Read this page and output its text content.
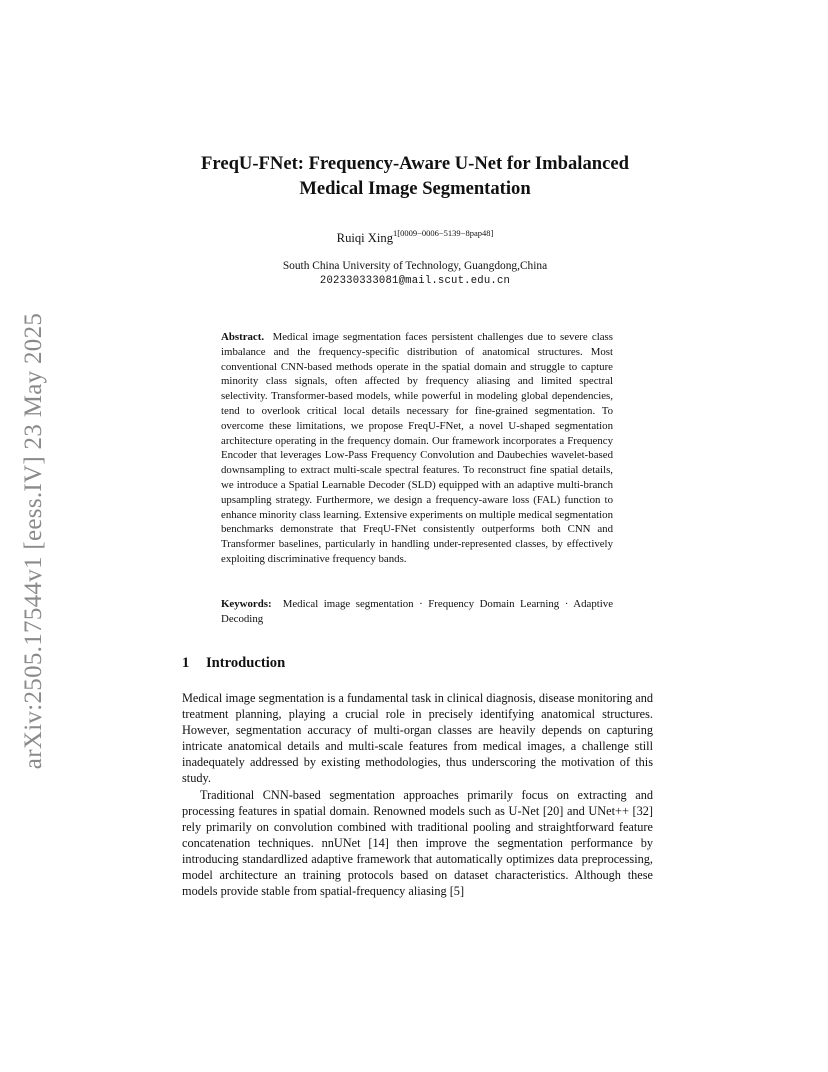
arXiv:2505.17544v1 [eess.IV] 23 May 2025
FreqU-FNet: Frequency-Aware U-Net for Imbalanced
Medical Image Segmentation
Ruiqi Xing$^{1[0009-0006-5139-8pap48]}$
South China University of Technology, Guangdong,China
202330333081@mail.scut.edu.cn

Abstract. Medical image segmentation faces persistent challenges due to severe class imbalance and the frequency-specific distribution of anatomical structures. Most conventional CNN-based methods operate in the spatial domain and struggle to capture minority class signals, often affected by frequency aliasing and limited spectral selectivity. Transformer-based models, while powerful in modeling global dependencies, tend to overlook critical local details necessary for fine-grained segmentation. To overcome these limitations, we propose FreqU-FNet, a novel U-shaped segmentation architecture operating in the frequency domain. Our framework incorporates a Frequency Encoder that leverages Low-Pass Frequency Convolution and Daubechies wavelet-based downsampling to extract multi-scale spectral features. To reconstruct fine spatial details, we introduce a Spatial Learnable Decoder (SLD) equipped with an adaptive multi-branch upsampling strategy. Furthermore, we design a frequency-aware loss (FAL) function to enhance minority class learning. Extensive experiments on multiple medical segmentation benchmarks demonstrate that FreqU-FNet consistently outperforms both CNN and Transformer baselines, particularly in handling under-represented classes, by effectively exploiting discriminative frequency bands.

Keywords: Medical image segmentation · Frequency Domain Learning · Adaptive Decoding

1 Introduction

Medical image segmentation is a fundamental task in clinical diagnosis, disease monitoring and treatment planning, playing a crucial role in precisely identifying anatomical structures. However, segmentation accuracy of multi-organ classes are heavily depends on capturing intricate anatomical details and multi-scale features from medical images, a challenge still inadequately addressed by existing methodologies, thus underscoring the motivation of this study.

Traditional CNN-based segmentation approaches primarily focus on extracting and processing features in spatial domain. Renowned models such as U-Net [20] and UNet++ [32] rely primarily on convolution combined with traditional pooling and straightforward feature concatenation techniques. nnUNet [14] then improve the segmentation performance by introducing standardlized adaptive framework that automatically optimizes data preprocessing, model architecture an training protocols based on dataset characteristics. Although these models provide stable from spatial-frequency aliasing [5]
